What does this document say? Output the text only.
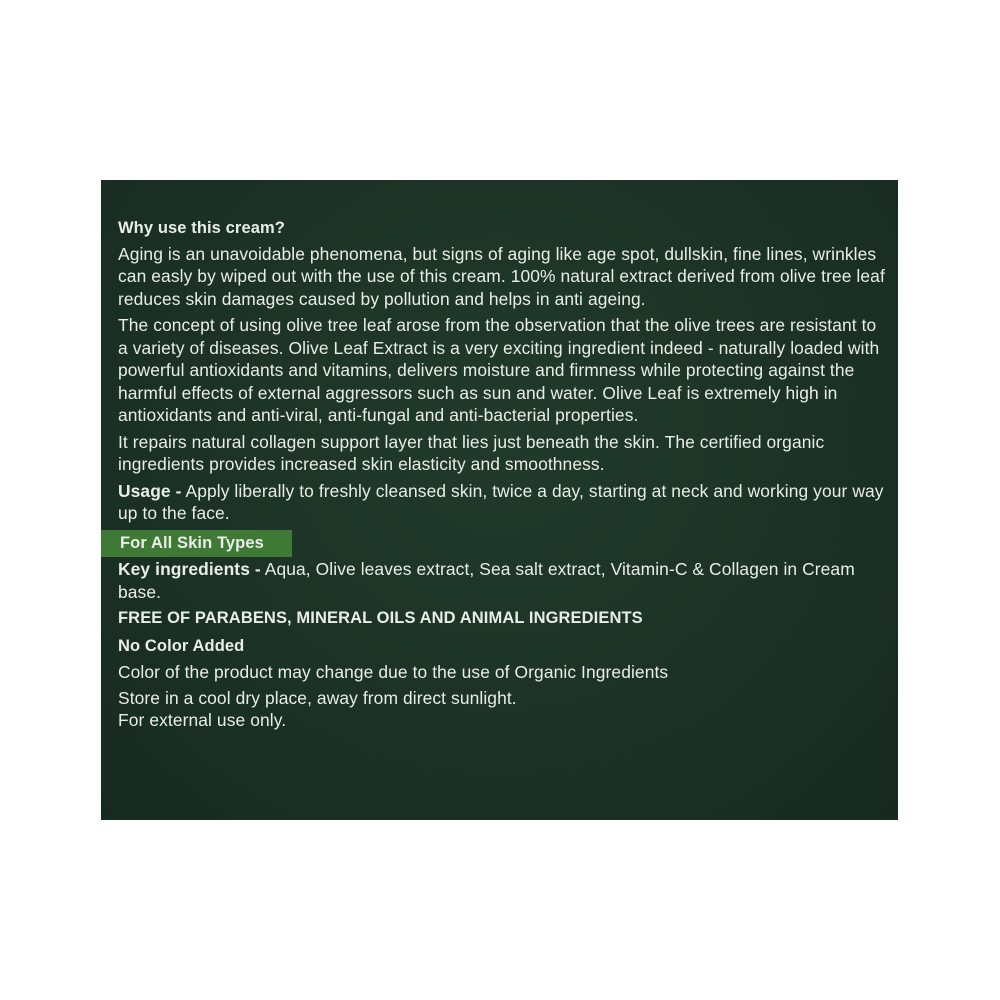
Why use this cream?

Aging is an unavoidable phenomena, but signs of aging like age spot, dullskin, fine lines, wrinkles can easly by wiped out with the use of this cream. 100% natural extract derived from olive tree leaf reduces skin damages caused by pollution and helps in anti ageing.

The concept of using olive tree leaf arose from the observation that the olive trees are resistant to a variety of diseases. Olive Leaf Extract is a very exciting ingredient indeed - naturally loaded with powerful antioxidants and vitamins, delivers moisture and firmness while protecting against the harmful effects of external aggressors such as sun and water. Olive Leaf is extremely high in antioxidants and anti-viral, anti-fungal and anti-bacterial properties.

It repairs natural collagen support layer that lies just beneath the skin. The certified organic ingredients provides increased skin elasticity and smoothness.

Usage - Apply liberally to freshly cleansed skin, twice a day, starting at neck and working your way up to the face.

For All Skin Types

Key ingredients - Aqua, Olive leaves extract, Sea salt extract, Vitamin-C & Collagen in Cream base.

FREE OF PARABENS, MINERAL OILS AND ANIMAL INGREDIENTS
No Color Added
Color of the product may change due to the use of Organic Ingredients
Store in a cool dry place, away from direct sunlight.
For external use only.
